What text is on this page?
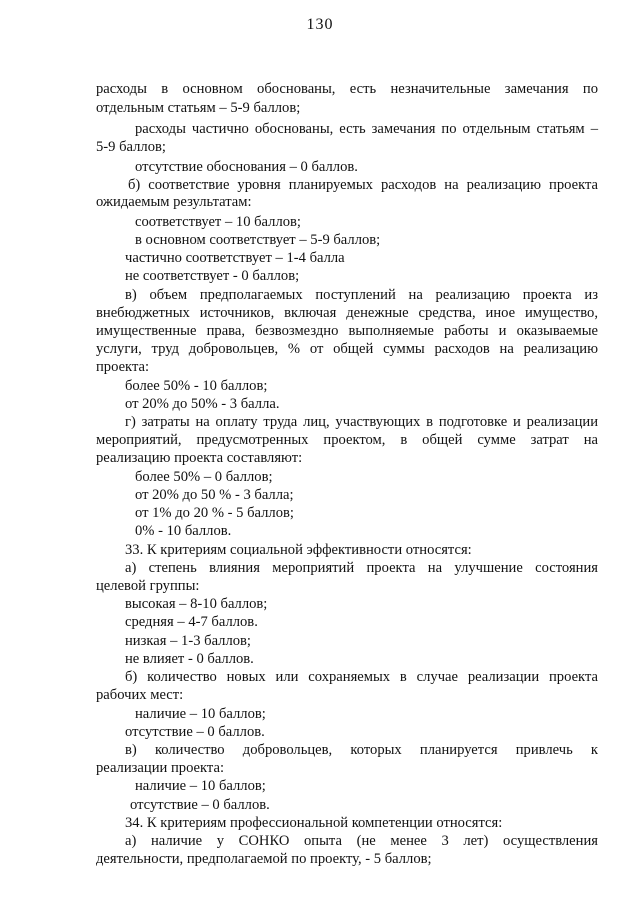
130

расходы в основном обоснованы, есть незначительные замечания по

отдельным статьям – 5-9 баллов;

расходы частично обоснованы, есть замечания по отдельным статьям –

5-9 баллов;

отсутствие обоснования – 0 баллов.

б) соответствие уровня планируемых расходов на реализацию проекта

ожидаемым результатам:

соответствует – 10 баллов;

в основном соответствует – 5-9 баллов;

частично соответствует – 1-4 балла

не соответствует - 0 баллов;

в) объем предполагаемых поступлений на реализацию проекта из

внебюджетных источников, включая денежные средства, иное имущество,

имущественные права, безвозмездно выполняемые работы и оказываемые

услуги, труд добровольцев, % от общей суммы расходов на реализацию

проекта:

более 50% - 10 баллов;

от 20% до 50% - 3 балла.

г) затраты на оплату труда лиц, участвующих в подготовке и реализации

мероприятий, предусмотренных проектом, в общей сумме затрат на

реализацию проекта составляют:

более 50% – 0 баллов;

от 20% до 50 % - 3 балла;

от 1% до 20 % - 5 баллов;

0% - 10 баллов.

33. К критериям социальной эффективности относятся:

а) степень влияния мероприятий проекта на улучшение состояния

целевой группы:

высокая – 8-10 баллов;

средняя – 4-7 баллов.

низкая – 1-3 баллов;

не влияет - 0 баллов.

б) количество новых или сохраняемых в случае реализации проекта

рабочих мест:

наличие – 10 баллов;

отсутствие – 0 баллов.

в) количество добровольцев, которых планируется привлечь к

реализации проекта:

наличие – 10 баллов;

отсутствие – 0 баллов.

34. К критериям профессиональной компетенции относятся:

а) наличие у СОНКО опыта (не менее 3 лет) осуществления

деятельности, предполагаемой по проекту, - 5 баллов;
